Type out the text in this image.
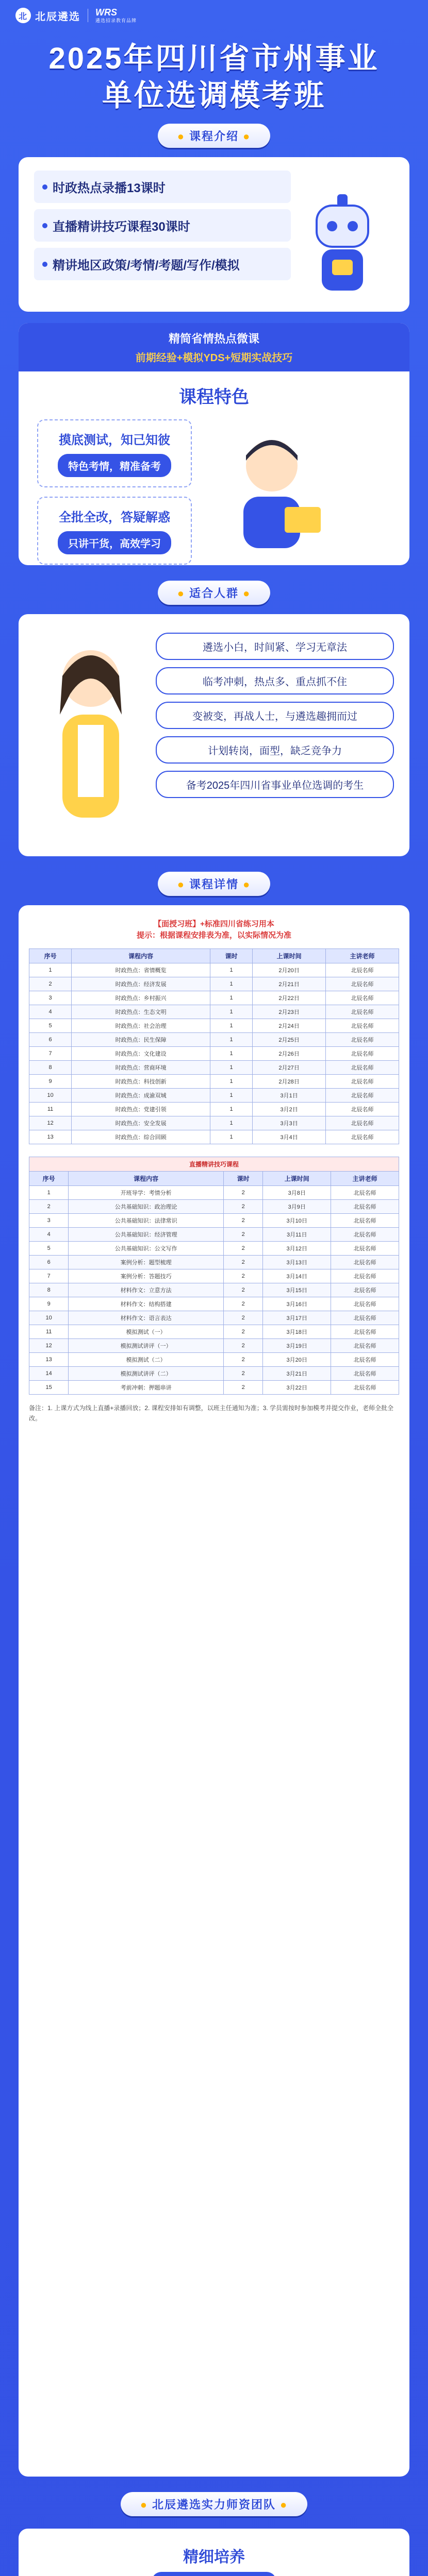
北 北辰遴选 WRS
遴选招录教育品牌
2025年四川省市州事业
单位选调模考班
● 课程介绍 ●
时政热点录播13课时
直播精讲技巧课程30课时
精讲地区政策/考情/考题/写作/模拟
精简省情热点微课
前期经验+模拟YDS+短期实战技巧
课程特色
摸底测试，知己知彼
特色考情，精准备考
全批全改，答疑解惑
只讲干货，高效学习
● 适合人群 ●
遴选小白，时间紧、学习无章法
临考冲刺，热点多、重点抓不住
变被变，再战人士，与遴选趣拥而过
计划转岗，面型，缺乏竞争力
备考2025年四川省事业单位选调的考生
● 课程详情 ●
【面授习班】+标准四川省练习用本
提示：根据课程安排表为准，以实际情况为准
序号	课程内容	课时	上课时间	主讲老师
1	时政热点：省情概览	1	2月20日	北辰名师
2	时政热点：经济发展	1	2月21日	北辰名师
3	时政热点：乡村振兴	1	2月22日	北辰名师
4	时政热点：生态文明	1	2月23日	北辰名师
5	时政热点：社会治理	1	2月24日	北辰名师
6	时政热点：民生保障	1	2月25日	北辰名师
7	时政热点：文化建设	1	2月26日	北辰名师
8	时政热点：营商环境	1	2月27日	北辰名师
9	时政热点：科技创新	1	2月28日	北辰名师
10	时政热点：成渝双城	1	3月1日	北辰名师
11	时政热点：党建引领	1	3月2日	北辰名师
12	时政热点：安全发展	1	3月3日	北辰名师
13	时政热点：综合回顾	1	3月4日	北辰名师
直播精讲技巧课程				
序号	课程内容	课时	上课时间	主讲老师
1	开班导学：考情分析	2	3月8日	北辰名师
2	公共基础知识：政治理论	2	3月9日	北辰名师
3	公共基础知识：法律常识	2	3月10日	北辰名师
4	公共基础知识：经济管理	2	3月11日	北辰名师
5	公共基础知识：公文写作	2	3月12日	北辰名师
6	案例分析：题型梳理	2	3月13日	北辰名师
7	案例分析：答题技巧	2	3月14日	北辰名师
8	材料作文：立意方法	2	3月15日	北辰名师
9	材料作文：结构搭建	2	3月16日	北辰名师
10	材料作文：语言表达	2	3月17日	北辰名师
11	模拟测试（一）	2	3月18日	北辰名师
12	模拟测试讲评（一）	2	3月19日	北辰名师
13	模拟测试（二）	2	3月20日	北辰名师
14	模拟测试讲评（二）	2	3月21日	北辰名师
15	考前冲刺：押题串讲	2	3月22日	北辰名师
备注：1. 上课方式为线上直播+录播回放；2. 课程安排如有调整，以班主任通知为准；3. 学员需按时参加模考并提交作业，老师全批全改。
● 北辰遴选实力师资团队 ●
精细培养
